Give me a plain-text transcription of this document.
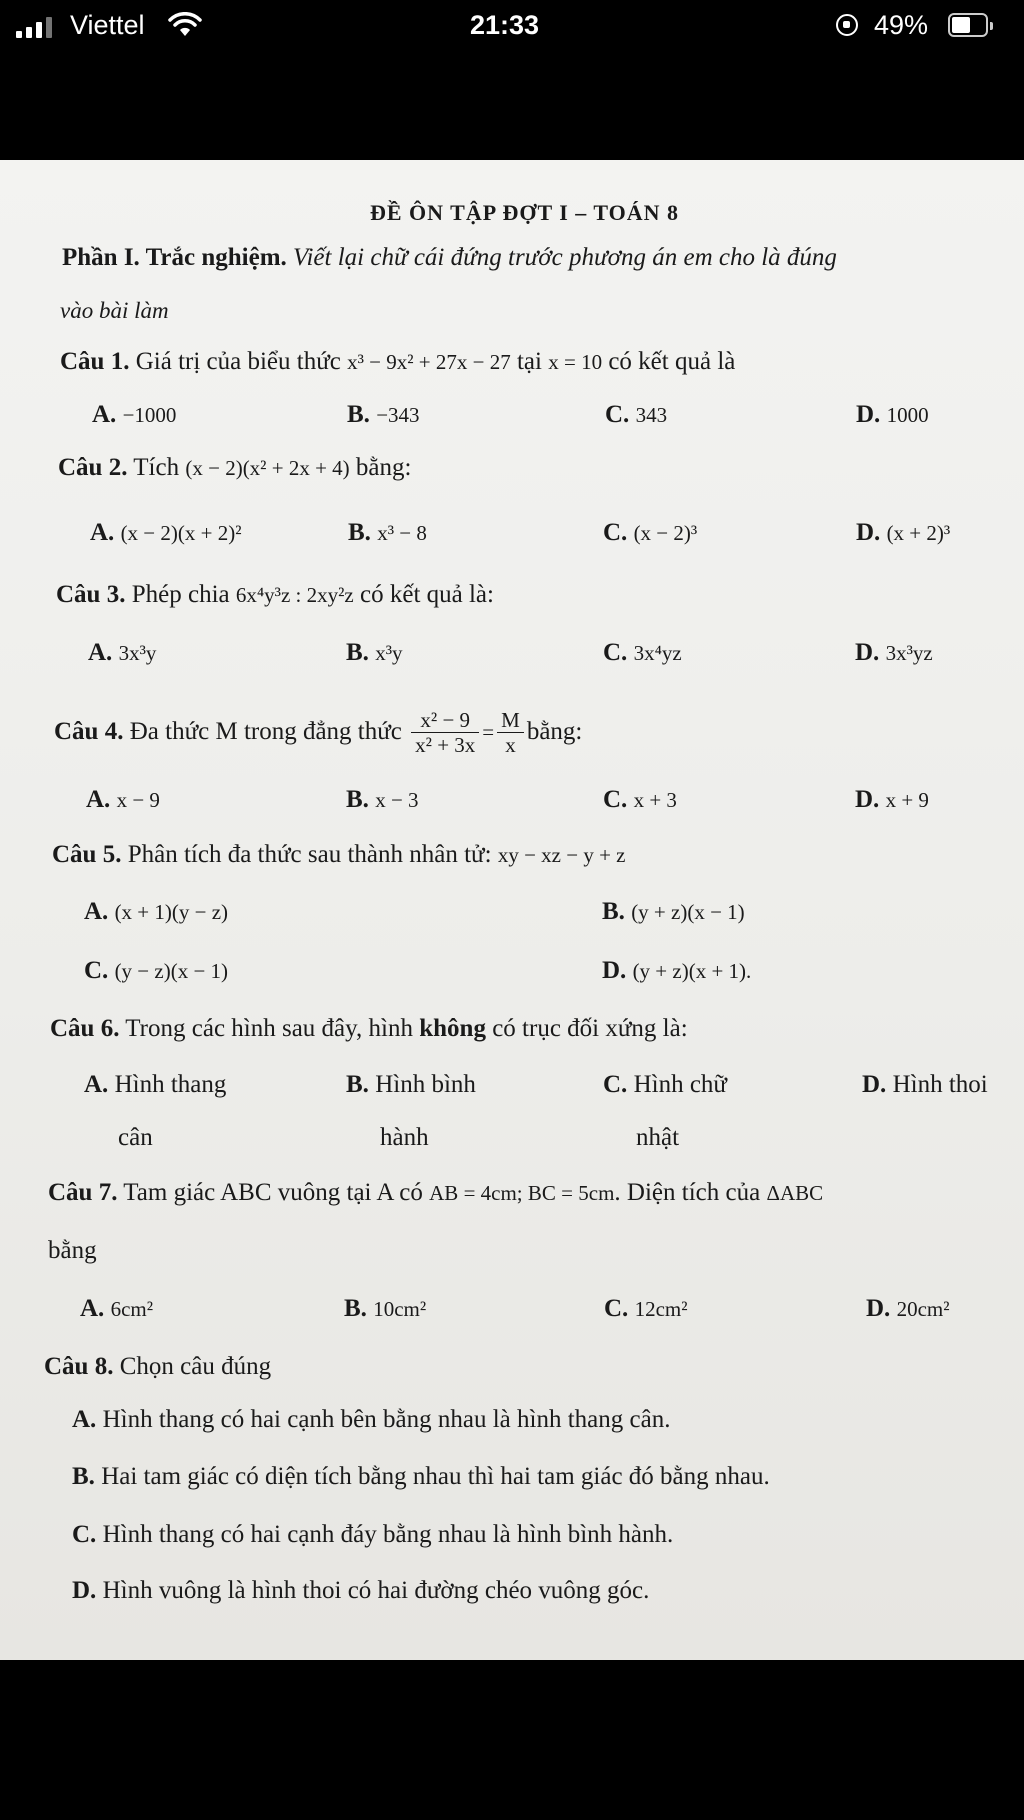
Viettel	21:33	49%
ĐỀ ÔN TẬP ĐỢT I – TOÁN 8
Phần I. Trắc nghiệm. Viết lại chữ cái đứng trước phương án em cho là đúng
vào bài làm
Câu 1. Giá trị của biểu thức x³ − 9x² + 27x − 27 tại x = 10 có kết quả là
A. −1000	B. −343	C. 343	D. 1000
Câu 2. Tích (x − 2)(x² + 2x + 4) bằng:
A. (x − 2)(x + 2)²	B. x³ − 8	C. (x − 2)³	D. (x + 2)³
Câu 3. Phép chia 6x⁴y³z : 2xy²z có kết quả là:
A. 3x³y	B. x³y	C. 3x⁴yz	D. 3x³yz
Câu 4.
Đa thức M trong đẳng thức
$\frac{\text{x² − 9}}{\text{x² + 3x}} = \frac{M}{x}$ bằng:
A. x − 9	B. x − 3	C. x + 3	D. x + 9
Câu 5. Phân tích đa thức sau thành nhân tử: xy − xz − y + z
A. (x + 1)(y − z)	B. (y + z)(x − 1)
C. (y − z)(x − 1)	D. (y + z)(x + 1).
Câu 6. Trong các hình sau đây, hình không có trục đối xứng là:
A. Hình thang
cân
B. Hình bình
hành
C. Hình chữ
nhật
D. Hình thoi
Câu 7. Tam giác ABC vuông tại A có AB = 4cm; BC = 5cm. Diện tích của ΔABC
bằng
A. 6cm²	B. 10cm²	C. 12cm²	D. 20cm²
Câu 8. Chọn câu đúng
A. Hình thang có hai cạnh bên bằng nhau là hình thang cân.
B. Hai tam giác có diện tích bằng nhau thì hai tam giác đó bằng nhau.
C. Hình thang có hai cạnh đáy bằng nhau là hình bình hành.
D. Hình vuông là hình thoi có hai đường chéo vuông góc.
